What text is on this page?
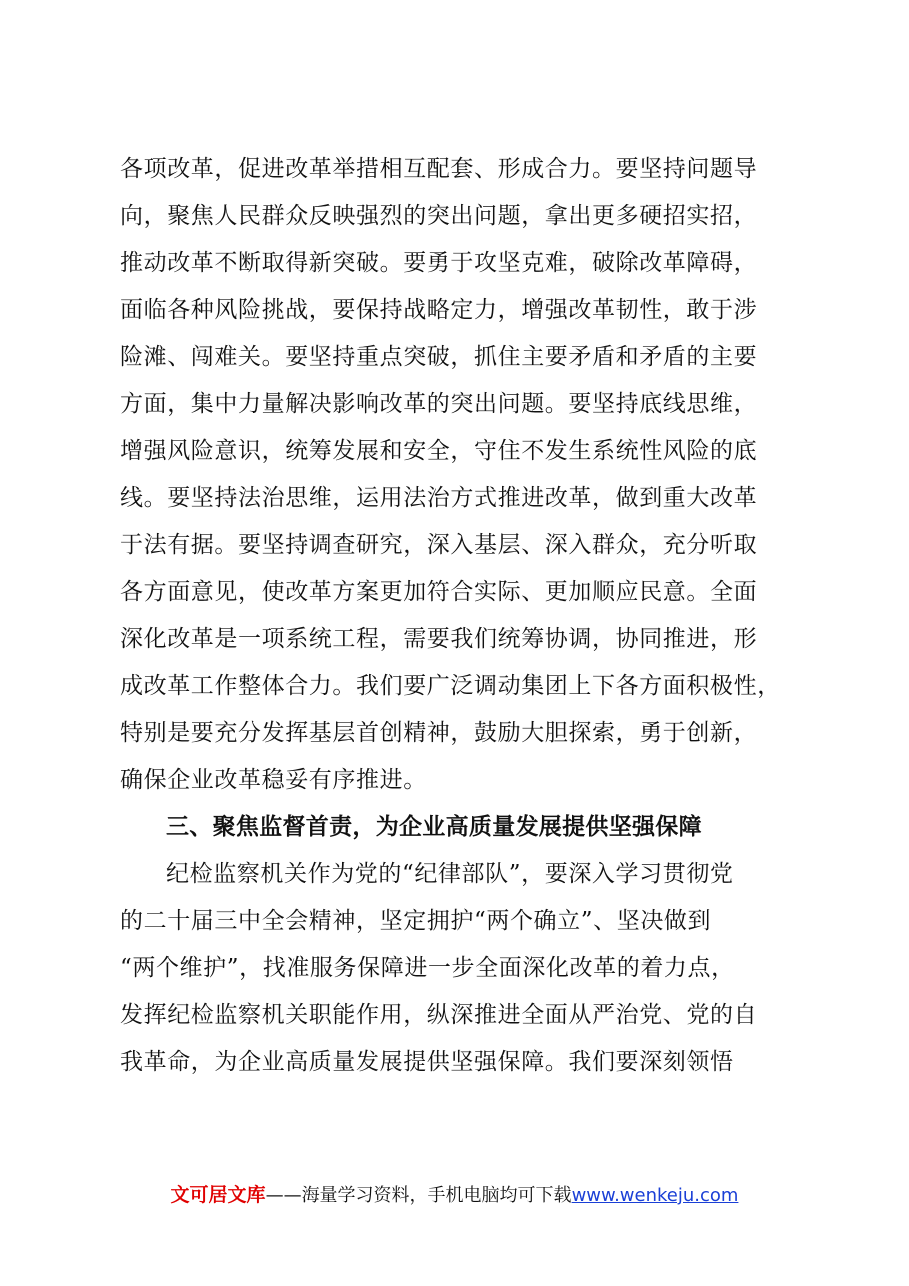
各项改革，促进改革举措相互配套、形成合力。要坚持问题导
向，聚焦人民群众反映强烈的突出问题，拿出更多硬招实招，
推动改革不断取得新突破。要勇于攻坚克难，破除改革障碍，
面临各种风险挑战，要保持战略定力，增强改革韧性，敢于涉
险滩、闯难关。要坚持重点突破，抓住主要矛盾和矛盾的主要
方面，集中力量解决影响改革的突出问题。要坚持底线思维，
增强风险意识，统筹发展和安全，守住不发生系统性风险的底
线。要坚持法治思维，运用法治方式推进改革，做到重大改革
于法有据。要坚持调查研究，深入基层、深入群众，充分听取
各方面意见，使改革方案更加符合实际、更加顺应民意。全面
深化改革是一项系统工程，需要我们统筹协调，协同推进，形
成改革工作整体合力。我们要广泛调动集团上下各方面积极性，
特别是要充分发挥基层首创精神，鼓励大胆探索，勇于创新，
确保企业改革稳妥有序推进。
三、聚焦监督首责，为企业高质量发展提供坚强保障
纪检监察机关作为党的“纪律部队”，要深入学习贯彻党
的二十届三中全会精神，坚定拥护“两个确立”、坚决做到
“两个维护”，找准服务保障进一步全面深化改革的着力点，
发挥纪检监察机关职能作用，纵深推进全面从严治党、党的自
我革命，为企业高质量发展提供坚强保障。我们要深刻领悟
文可居文库——海量学习资料，手机电脑均可下载www.wenkeju.com
